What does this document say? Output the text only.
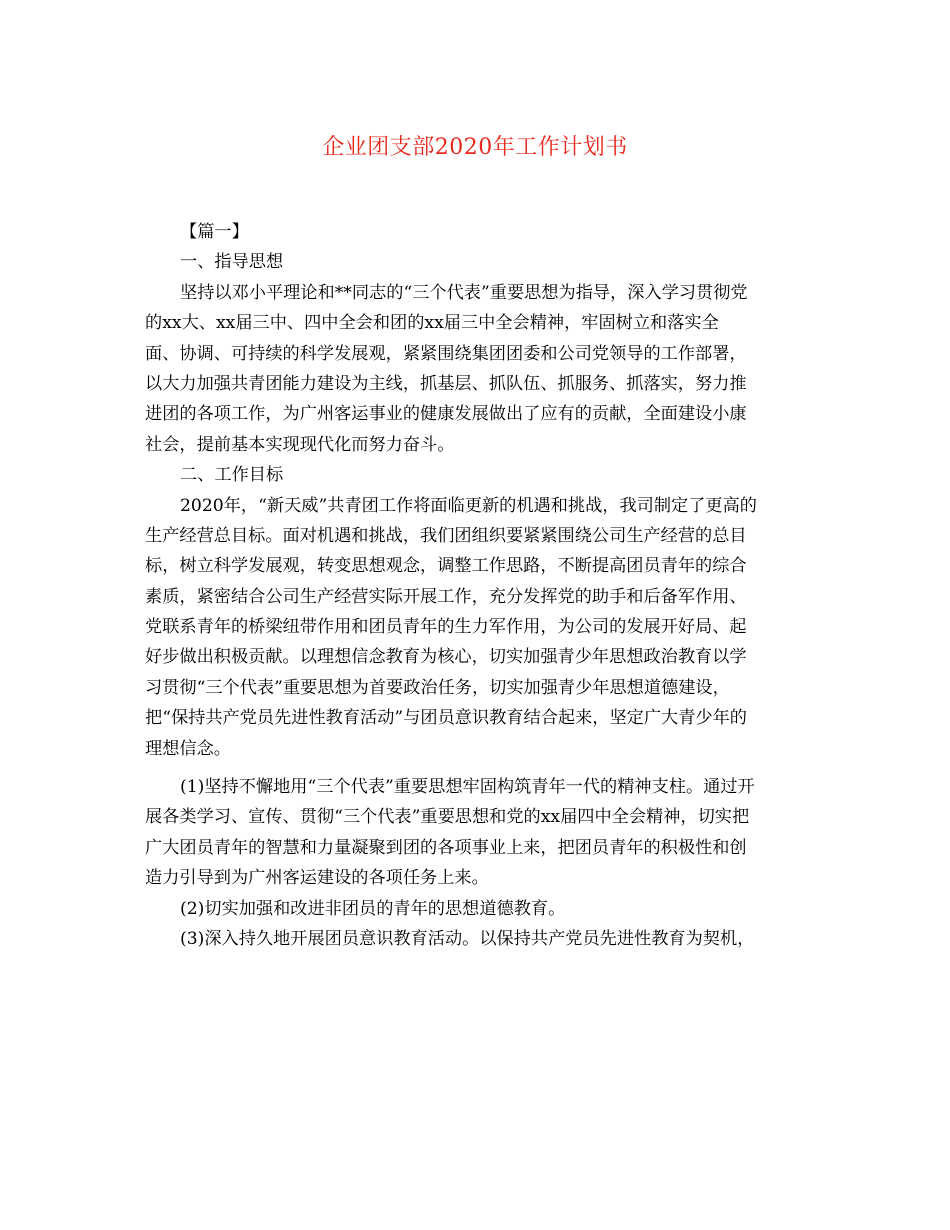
企业团支部2020年工作计划书
【篇一】
一、指导思想
坚持以邓小平理论和**同志的“三个代表”重要思想为指导，深入学习贯彻党
的xx大、xx届三中、四中全会和团的xx届三中全会精神，牢固树立和落实全
面、协调、可持续的科学发展观，紧紧围绕集团团委和公司党领导的工作部署，
以大力加强共青团能力建设为主线，抓基层、抓队伍、抓服务、抓落实，努力推
进团的各项工作，为广州客运事业的健康发展做出了应有的贡献，全面建设小康
社会，提前基本实现现代化而努力奋斗。
二、工作目标
2020年，“新天威”共青团工作将面临更新的机遇和挑战，我司制定了更高的
生产经营总目标。面对机遇和挑战，我们团组织要紧紧围绕公司生产经营的总目
标，树立科学发展观，转变思想观念，调整工作思路，不断提高团员青年的综合
素质，紧密结合公司生产经营实际开展工作，充分发挥党的助手和后备军作用、
党联系青年的桥梁纽带作用和团员青年的生力军作用，为公司的发展开好局、起
好步做出积极贡献。以理想信念教育为核心，切实加强青少年思想政治教育以学
习贯彻“三个代表”重要思想为首要政治任务，切实加强青少年思想道德建设，
把“保持共产党员先进性教育活动”与团员意识教育结合起来，坚定广大青少年的
理想信念。
(1)坚持不懈地用“三个代表”重要思想牢固构筑青年一代的精神支柱。通过开
展各类学习、宣传、贯彻“三个代表”重要思想和党的xx届四中全会精神，切实把
广大团员青年的智慧和力量凝聚到团的各项事业上来，把团员青年的积极性和创
造力引导到为广州客运建设的各项任务上来。
(2)切实加强和改进非团员的青年的思想道德教育。
(3)深入持久地开展团员意识教育活动。以保持共产党员先进性教育为契机，
